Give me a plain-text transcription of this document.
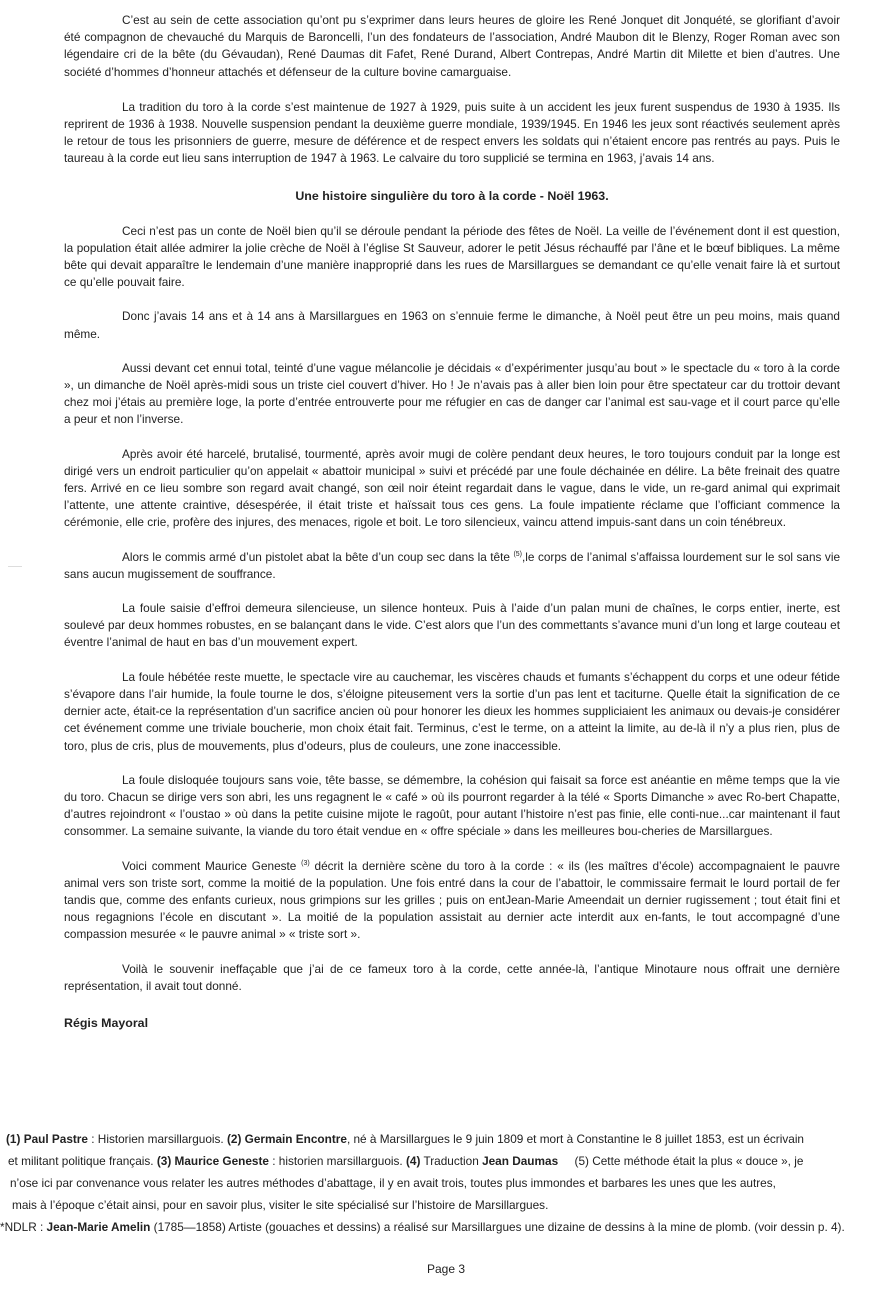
C’est au sein de cette association qu’ont pu s’exprimer dans leurs heures de gloire les René Jonquet dit Jonquété, se glorifiant d’avoir été compagnon de chevauché du Marquis de Baroncelli, l’un des fondateurs de l’association, André Maubon dit le Blenzy, Roger Roman avec son légendaire cri de la bête (du Gévaudan), René Daumas dit Fafet, René Durand, Albert Contrepas, André Martin dit Milette et bien d’autres. Une société d’hommes d’honneur attachés et défenseur de la culture bovine camarguaise.

La tradition du toro à la corde s’est maintenue de 1927 à 1929, puis suite à un accident les jeux furent suspendus de 1930 à 1935. Ils reprirent de 1936 à 1938. Nouvelle suspension pendant la deuxième guerre mondiale, 1939/1945. En 1946 les jeux sont réactivés seulement après le retour de tous les prisonniers de guerre, mesure de déférence et de respect envers les soldats qui n’étaient encore pas rentrés au pays. Puis le taureau à la corde eut lieu sans interruption de 1947 à 1963. Le calvaire du toro supplicié se termina en 1963, j’avais 14 ans.

Une histoire singulière du toro à la corde - Noël 1963.

Ceci n’est pas un conte de Noël bien qu’il se déroule pendant la période des fêtes de Noël. La veille de l’événement dont il est question, la population était allée admirer la jolie crèche de Noël à l’église St Sauveur, adorer le petit Jésus réchauffé par l’âne et le bœuf bibliques. La même bête qui devait apparaître le lendemain d’une manière inapproprié dans les rues de Marsillargues se demandant ce qu’elle venait faire là et surtout ce qu’elle pouvait faire.

Donc j’avais 14 ans et à 14 ans à Marsillargues en 1963 on s’ennuie ferme le dimanche, à Noël peut être un peu moins, mais quand même.

Aussi devant cet ennui total, teinté d’une vague mélancolie je décidais « d’expérimenter jusqu’au bout » le spectacle du « toro à la corde », un dimanche de Noël après-midi sous un triste ciel couvert d’hiver. Ho ! Je n’avais pas à aller bien loin pour être spectateur car du trottoir devant chez moi j’étais au première loge, la porte d’entrée entrouverte pour me réfugier en cas de danger car l’animal est sau-vage et il court parce qu’elle a peur et non l’inverse.

Après avoir été harcelé, brutalisé, tourmenté, après avoir mugi de colère pendant deux heures, le toro toujours conduit par la longe est dirigé vers un endroit particulier qu’on appelait « abattoir municipal » suivi et précédé par une foule déchainée en délire. La bête freinait des quatre fers. Arrivé en ce lieu sombre son regard avait changé, son œil noir éteint regardait dans le vague, dans le vide, un re-gard animal qui exprimait l’attente, une attente craintive, désespérée, il était triste et haïssait tous ces gens. La foule impatiente réclame que l’officiant commence la cérémonie, elle crie, profère des injures, des menaces, rigole et boit. Le toro silencieux, vaincu attend impuis-sant dans un coin ténébreux.

Alors le commis armé d’un pistolet abat la bête d’un coup sec dans la tête $^{(5)}$,le corps de l’animal s’affaissa lourdement sur le sol sans vie sans aucun mugissement de souffrance.

La foule saisie d’effroi demeura silencieuse, un silence honteux. Puis à l’aide d’un palan muni de chaînes, le corps entier, inerte, est soulevé par deux hommes robustes, en se balançant dans le vide. C’est alors que l’un des commettants s’avance muni d’un long et large couteau et éventre l’animal de haut en bas d’un mouvement expert.

La foule hébétée reste muette, le spectacle vire au cauchemar, les viscères chauds et fumants s’échappent du corps et une odeur fétide s’évapore dans l’air humide, la foule tourne le dos, s’éloigne piteusement vers la sortie d’un pas lent et taciturne. Quelle était la signification de ce dernier acte, était-ce la représentation d’un sacrifice ancien où pour honorer les dieux les hommes suppliciaient les animaux ou devais-je considérer cet événement comme une triviale boucherie, mon choix était fait. Terminus, c’est le terme, on a atteint la limite, au de-là il n’y a plus rien, plus de toro, plus de cris, plus de mouvements, plus d’odeurs, plus de couleurs, une zone inaccessible.

La foule disloquée toujours sans voie, tête basse, se démembre, la cohésion qui faisait sa force est anéantie en même temps que la vie du toro. Chacun se dirige vers son abri, les uns regagnent le « café » où ils pourront regarder à la télé « Sports Dimanche » avec Ro-bert Chapatte, d’autres rejoindront « l’oustao » où dans la petite cuisine mijote le ragoût, pour autant l’histoire n’est pas finie, elle conti-nue...car maintenant il faut consommer. La semaine suivante, la viande du toro était vendue en « offre spéciale » dans les meilleures bou-cheries de Marsillargues.

Voici comment Maurice Geneste $^{(3)}$ décrit la dernière scène du toro à la corde : « ils (les maîtres d’école) accompagnaient le pauvre animal vers son triste sort, comme la moitié de la population. Une fois entré dans la cour de l’abattoir, le commissaire fermait le lourd portail de fer tandis que, comme des enfants curieux, nous grimpions sur les grilles ; puis on entJean-Marie Ameendait un dernier rugissement ; tout était fini et nous regagnions l’école en discutant ». La moitié de la population assistait au dernier acte interdit aux en-fants, le tout accompagné d’une compassion mesurée « le pauvre animal » « triste sort ».

Voilà le souvenir ineffaçable que j’ai de ce fameux toro à la corde, cette année-là, l’antique Minotaure nous offrait une dernière représentation, il avait tout donné.

Régis Mayoral

(1) Paul Pastre : Historien marsillarguois. (2) Germain Encontre, né à Marsillargues le 9 juin 1809 et mort à Constantine le 8 juillet 1853, est un écrivain

et militant politique français. (3) Maurice Geneste : historien marsillarguois. (4) Traduction Jean Daumas (5) Cette méthode était la plus « douce », je

n’ose ici par convenance vous relater les autres méthodes d’abattage, il y en avait trois, toutes plus immondes et barbares les unes que les autres,

mais à l’époque c’était ainsi, pour en savoir plus, visiter le site spécialisé sur l’histoire de Marsillargues.

*NDLR : Jean-Marie Amelin (1785—1858) Artiste (gouaches et dessins) a réalisé sur Marsillargues une dizaine de dessins à la mine de plomb. (voir dessin p. 4).

Page 3
